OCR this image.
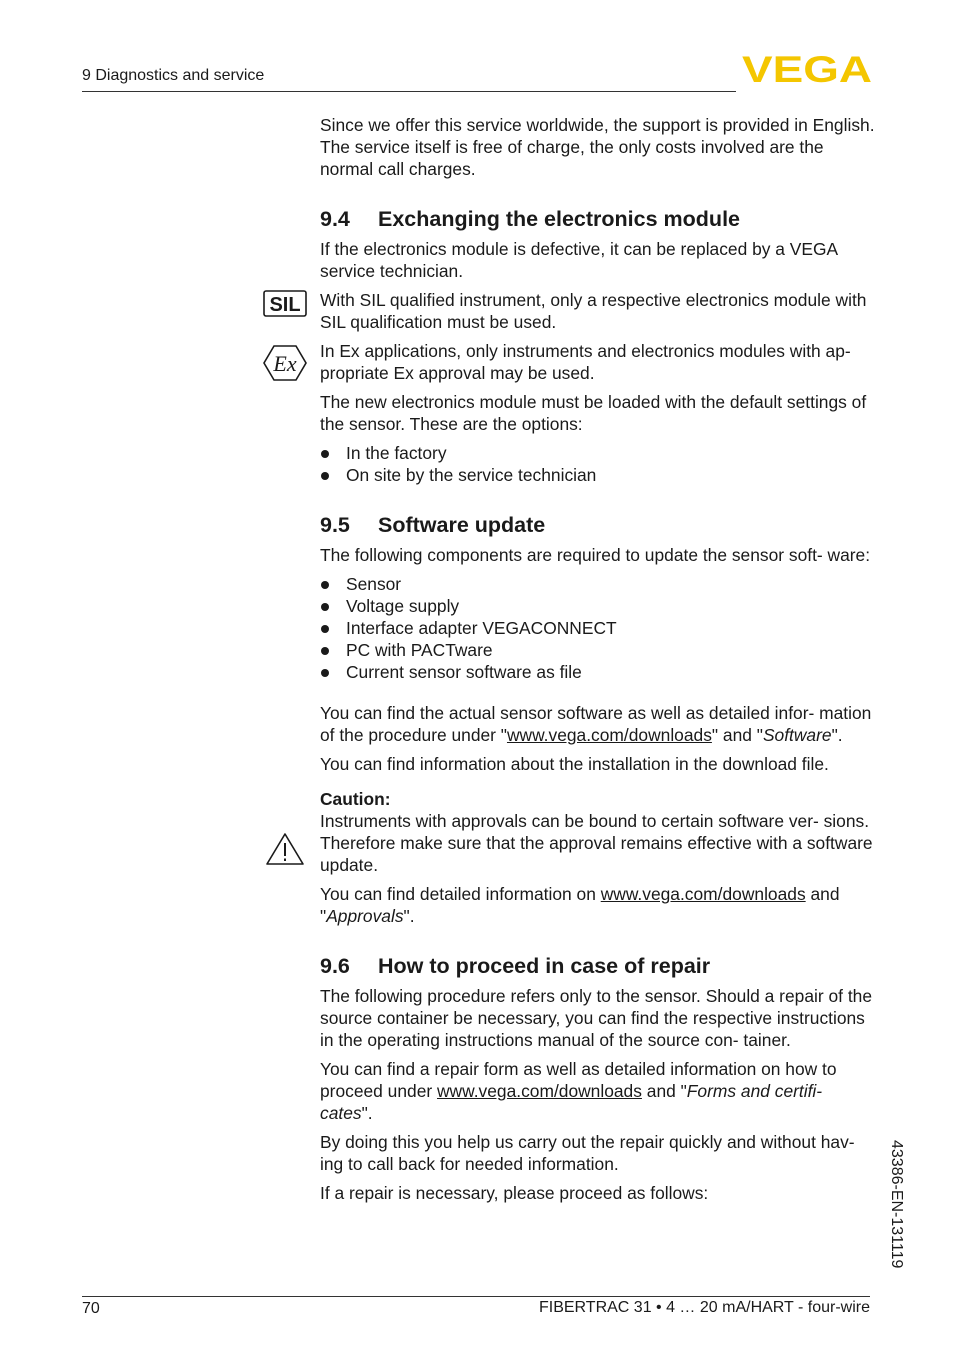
9 Diagnostics and service	VEGA
SIL
Ex

Since we offer this service worldwide, the support is provided in English. The service itself is free of charge, the only costs involved are the normal call charges.

9.4 Exchanging the electronics module

If the electronics module is defective, it can be replaced by a VEGA service technician.

With SIL qualified instrument, only a respective electronics module with SIL qualification must be used.

In Ex applications, only instruments and electronics modules with ap- propriate Ex approval may be used.

The new electronics module must be loaded with the default settings of the sensor. These are the options:

In the factory
On site by the service technician
9.5 Software update

The following components are required to update the sensor soft- ware:

Sensor
Voltage supply
Interface adapter VEGACONNECT
PC with PACTware
Current sensor software as file

You can find the actual sensor software as well as detailed infor- mation of the procedure under "www.vega.com/downloads" and "Software".

You can find information about the installation in the download file.

Caution:
Instruments with approvals can be bound to certain software ver- sions. Therefore make sure that the approval remains effective with a software update.

You can find detailed information on www.vega.com/downloads and "Approvals".

9.6 How to proceed in case of repair

The following procedure refers only to the sensor. Should a repair of the source container be necessary, you can find the respective instructions in the operating instructions manual of the source con- tainer.

You can find a repair form as well as detailed information on how to proceed under www.vega.com/downloads and "Forms and certifi- cates".

By doing this you help us carry out the repair quickly and without hav- ing to call back for needed information.

If a repair is necessary, please proceed as follows:	43386-EN-131119
70	FIBERTRAC 31 • 4 … 20 mA/HART - four-wire
